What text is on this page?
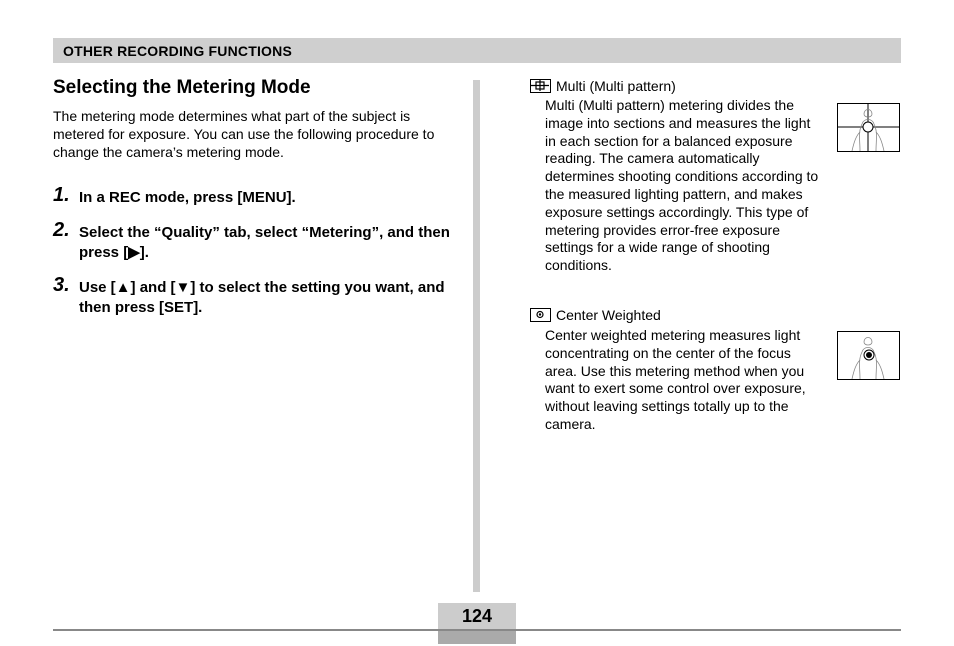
OTHER RECORDING FUNCTIONS
Selecting the Metering Mode

The metering mode determines what part of the subject is metered for exposure. You can use the following procedure to change the camera’s metering mode.

1. In a REC mode, press [MENU].
2. Select the “Quality” tab, select “Metering”, and then press [▶].
3. Use [▲] and [▼] to select the setting you want, and then press [SET].
Multi (Multi pattern)

Multi (Multi pattern) metering divides the image into sections and measures the light in each section for a balanced exposure reading. The camera automatically determines shooting conditions according to the measured lighting pattern, and makes exposure settings accordingly. This type of metering provides error-free exposure settings for a wide range of shooting conditions.

Center Weighted

Center weighted metering measures light concentrating on the center of the focus area. Use this metering method when you want to exert some control over exposure, without leaving settings totally up to the camera.

124
